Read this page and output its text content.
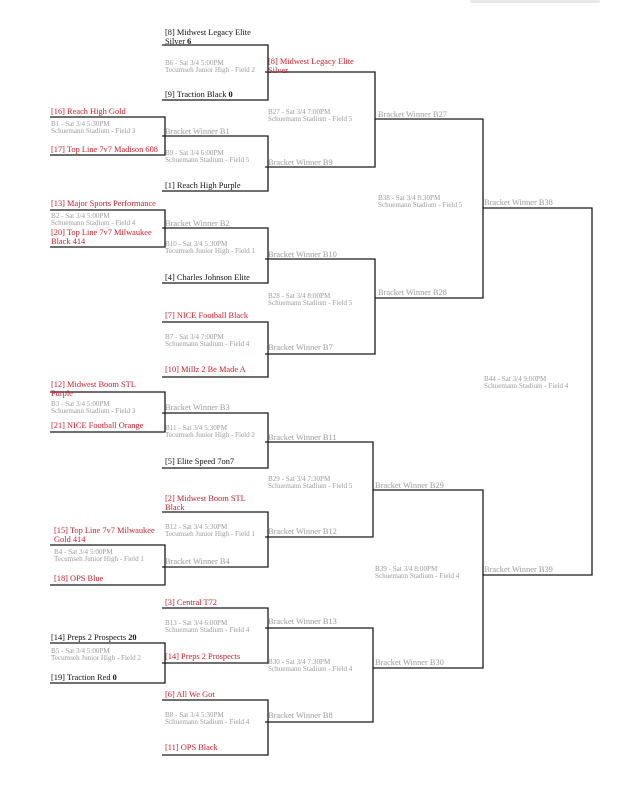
[16] Reach High Gold
B1 - Sat 3/4 5:30PM
Schuemann Stadium - Field 3
[17] Top Line 7v7 Madison 608
[13] Major Sports Performance
B2 - Sat 3/4 5:00PM
Schuemann Stadium - Field 4
[20] Top Line 7v7 Milwaukee Black 414
[12] Midwest Boom STL Purple
B3 - Sat 3/4 5:00PM
Schuemann Stadium - Field 3
[21] NICE Football Orange
[15] Top Line 7v7 Milwaukee Gold 414
B4 - Sat 3/4 5:00PM
Tecumseh Junior High - Field 1
[18] OPS Blue
[14] Preps 2 Prospects 20
B5 - Sat 3/4 5:00PM
Tecumseh Junior High - Field 2
[19] Traction Red 0
[8] Midwest Legacy Elite Silver 6
B6 - Sat 3/4 5:00PM
Tecumseh Junior High - Field 2
[9] Traction Black 0
Bracket Winner B1
B9 - Sat 3/4 6:00PM
Schuemann Stadium - Field 5
[1] Reach High Purple
Bracket Winner B2
B10 - Sat 3/4 5:30PM
Tecumseh Junior High - Field 1
[4] Charles Johnson Elite
[7] NICE Football Black
B7 - Sat 3/4 7:00PM
Schuemann Stadium - Field 4
[10] Millz 2 Be Made A
Bracket Winner B3
B11 - Sat 3/4 5:30PM
Tecumseh Junior High - Field 2
[5] Elite Speed 7on7
[2] Midwest Boom STL Black
B12 - Sat 3/4 5:30PM
Tecumseh Junior High - Field 1
Bracket Winner B4
[3] Central T72
B13 - Sat 3/4 6:00PM
Schuemann Stadium - Field 4
[14] Preps 2 Prospects
[6] All We Got
B8 - Sat 3/4 5:30PM
Schuemann Stadium - Field 4
[11] OPS Black
[8] Midwest Legacy Elite Silver
B27 - Sat 3/4 7:00PM
Schuemann Stadium - Field 5
Bracket Winner B9
Bracket Winner B10
B28 - Sat 3/4 8:00PM
Schuemann Stadium - Field 5
Bracket Winner B7
Bracket Winner B11
B29 - Sat 3/4 7:30PM
Schuemann Stadium - Field 5
Bracket Winner B12
Bracket Winner B13
B30 - Sat 3/4 7:30PM
Schuemann Stadium - Field 4
Bracket Winner B8
Bracket Winner B27
B38 - Sat 3/4 8:30PM
Schuemann Stadium - Field 5
Bracket Winner B28
Bracket Winner B29
B39 - Sat 3/4 8:00PM
Schuemann Stadium - Field 4
Bracket Winner B30
Bracket Winner B38
B44 - Sat 3/4 9:00PM
Schuemann Stadium - Field 4
Bracket Winner B39
